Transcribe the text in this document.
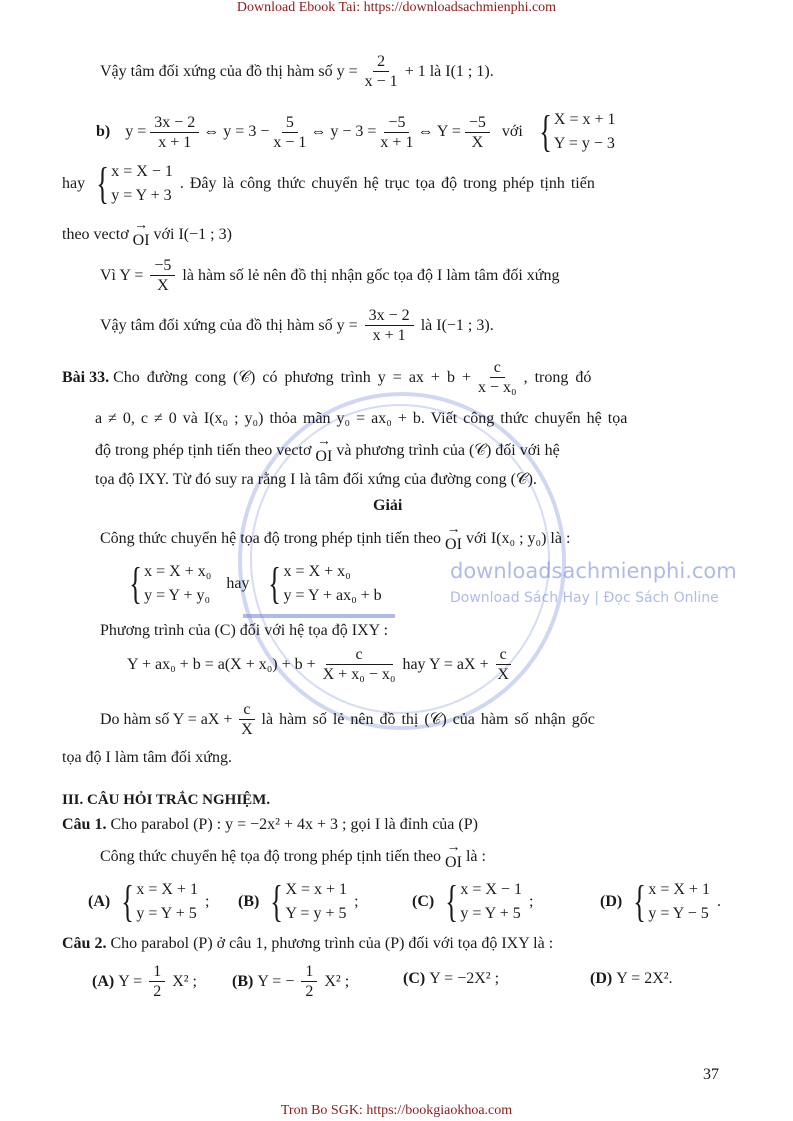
Download Ebook Tai: https://downloadsachmienphi.com
Vậy tâm đối xứng của đồ thị hàm số $y = \frac{2}{x - 1} + 1$ là I(1 ; 1).
b) $y = \frac{3x - 2}{x + 1}$ ⇔ $y = 3 - \frac{5}{x - 1}$ ⇔ $y - 3 = \frac{-5}{x + 1}$ ⇔ $Y = \frac{-5}{X}$ với { X = x + 1
Y = y − 3
hay { x = X − 1
y = Y + 3
. Đây là công thức chuyển hệ trục tọa độ trong phép tịnh tiến
theo vectơ
→
OI với I(−1 ; 3)
Vì $Y = \frac{-5}{X}$ là hàm số lẻ nên đồ thị nhận gốc tọa độ I làm tâm đối xứng
Vậy tâm đối xứng của đồ thị hàm số $y = \frac{3x - 2}{x + 1}$ là I(−1 ; 3).
Bài 33. Cho đường cong (𝒞) có phương trình y = ax + $b + \frac{c}{\text{x − x₀}}$ , trong đó
a ≠ 0, c ≠ 0 và I(x₀ ; y₀) thỏa mãn y₀ = ax₀ + b. Viết công thức chuyển hệ tọa
độ trong phép tịnh tiến theo vectơ
→
OI và phương trình của (𝒞) đối với hệ
tọa độ IXY. Từ đó suy ra rằng I là tâm đối xứng của đường cong (𝒞).
Giải
Công thức chuyển hệ tọa độ trong phép tịnh tiến theo
→
OI với I(x₀ ; y₀) là :
{ x = X + x₀
y = Y + y₀
hay { x = X + x₀
y = Y + ax₀ + b
downloadsachmienphi.com
Download Sách Hay | Đọc Sách Online
Phương trình của (C) đối với hệ tọa độ IXY :
$Y + ax_0 + b = a(X + x_0) + b + \frac{c}{\text{X + x₀ − x₀}}$ hay Y = aX + $\frac{c}{X}$
Do hàm số Y = aX + $\frac{c}{X}$ là hàm số lẻ nên đồ thị (𝒞) của hàm số nhận gốc
tọa độ I làm tâm đối xứng.
III. CÂU HỎI TRẮC NGHIỆM.
Câu 1. Cho parabol (P) : y = −2x² + 4x + 3 ; gọi I là đỉnh của (P)
Công thức chuyển hệ tọa độ trong phép tịnh tiến theo
→
OI là :
(A) { x = X + 1
y = Y + 5
; (B) { X = x + 1
Y = y + 5
;	(C) { x = X − 1
y = Y + 5
;	(D) { x = X + 1
y = Y − 5
.
Câu 2. Cho parabol (P) ở câu 1, phương trình của (P) đối với tọa độ IXY là :
(A) $Y = \frac{1}{2} X^2$ ; (B) Y = − $\frac{1}{2} X^2$ ;	(C) Y = −2X² ;	(D) Y = 2X².
37
Tron Bo SGK: https://bookgiaokhoa.com
